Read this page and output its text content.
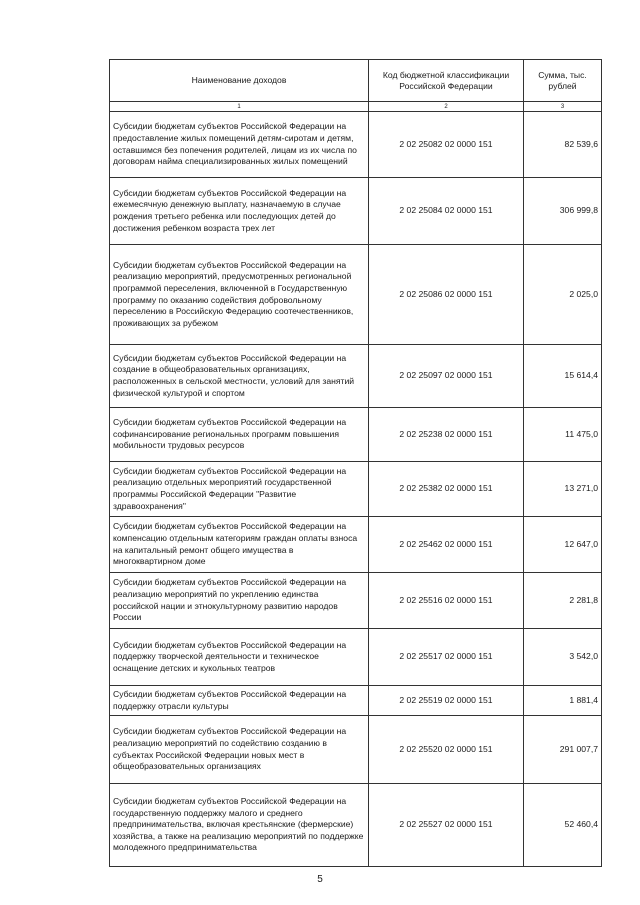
Наименование доходов	Код бюджетной классификации Российской Федерации	Сумма, тыс. рублей
1	2	3
Субсидии бюджетам субъектов Российской Федерации на предоставление жилых помещений детям-сиротам и детям, оставшимся без попечения родителей, лицам из их числа по договорам найма специализированных жилых помещений	2 02 25082 02 0000 151	82 539,6
Субсидии бюджетам субъектов Российской Федерации на ежемесячную денежную выплату, назначаемую в случае рождения третьего ребенка или последующих детей до достижения ребенком возраста трех лет	2 02 25084 02 0000 151	306 999,8
Субсидии бюджетам субъектов Российской Федерации на реализацию мероприятий, предусмотренных региональной программой переселения, включенной в Государственную программу по оказанию содействия добровольному переселению в Российскую Федерацию соотечественников, проживающих за рубежом	2 02 25086 02 0000 151	2 025,0
Субсидии бюджетам субъектов Российской Федерации на создание в общеобразовательных организациях, расположенных в сельской местности, условий для занятий физической культурой и спортом	2 02 25097 02 0000 151	15 614,4
Субсидии бюджетам субъектов Российской Федерации на софинансирование региональных программ повышения мобильности трудовых ресурсов	2 02 25238 02 0000 151	11 475,0
Субсидии бюджетам субъектов Российской Федерации на реализацию отдельных мероприятий государственной программы Российской Федерации "Развитие здравоохранения"	2 02 25382 02 0000 151	13 271,0
Субсидии бюджетам субъектов Российской Федерации на компенсацию отдельным категориям граждан оплаты взноса на капитальный ремонт общего имущества в многоквартирном доме	2 02 25462 02 0000 151	12 647,0
Субсидии бюджетам субъектов Российской Федерации на реализацию мероприятий по укреплению единства российской нации и этнокультурному развитию народов России	2 02 25516 02 0000 151	2 281,8
Субсидии бюджетам субъектов Российской Федерации на поддержку творческой деятельности и техническое оснащение детских и кукольных театров	2 02 25517 02 0000 151	3 542,0
Субсидии бюджетам субъектов Российской Федерации на поддержку отрасли культуры	2 02 25519 02 0000 151	1 881,4
Субсидии бюджетам субъектов Российской Федерации на реализацию мероприятий по содействию созданию в субъектах Российской Федерации новых мест в общеобразовательных организациях	2 02 25520 02 0000 151	291 007,7
Субсидии бюджетам субъектов Российской Федерации на государственную поддержку малого и среднего предпринимательства, включая крестьянские (фермерские) хозяйства, а также на реализацию мероприятий по поддержке молодежного предпринимательства	2 02 25527 02 0000 151	52 460,4
5
